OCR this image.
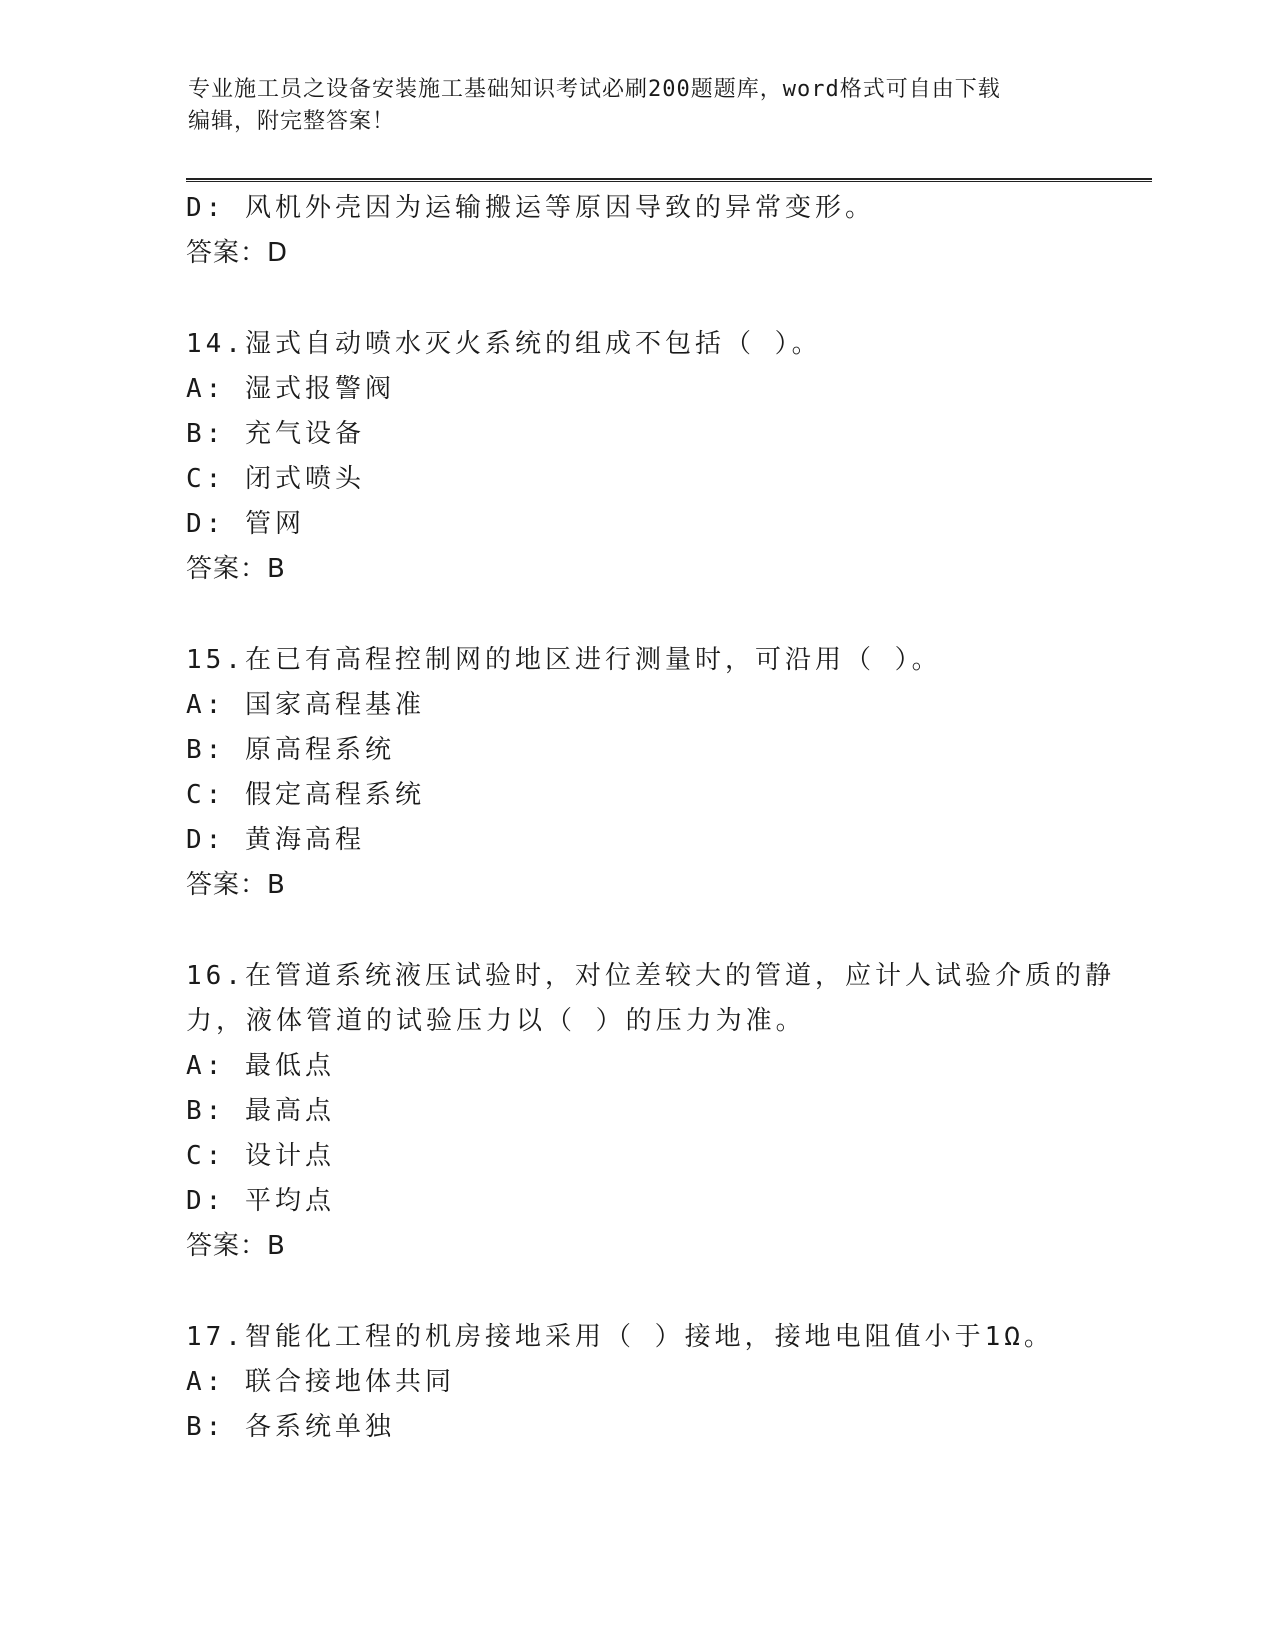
专业施工员之设备安装施工基础知识考试必刷200题题库，word格式可自由下载
编辑，附完整答案！
D: 风机外壳因为运输搬运等原因导致的异常变形。
答案：D
14.湿式自动喷水灭火系统的组成不包括（ ）。
A: 湿式报警阀
B: 充气设备
C: 闭式喷头
D: 管网
答案：B
15.在已有高程控制网的地区进行测量时，可沿用（ ）。
A: 国家高程基准
B: 原高程系统
C: 假定高程系统
D: 黄海高程
答案：B
16.在管道系统液压试验时，对位差较大的管道，应计人试验介质的静
力，液体管道的试验压力以（ ）的压力为准。
A: 最低点
B: 最高点
C: 设计点
D: 平均点
答案：B
17.智能化工程的机房接地采用（ ）接地，接地电阻值小于1Ω。
A: 联合接地体共同
B: 各系统单独
